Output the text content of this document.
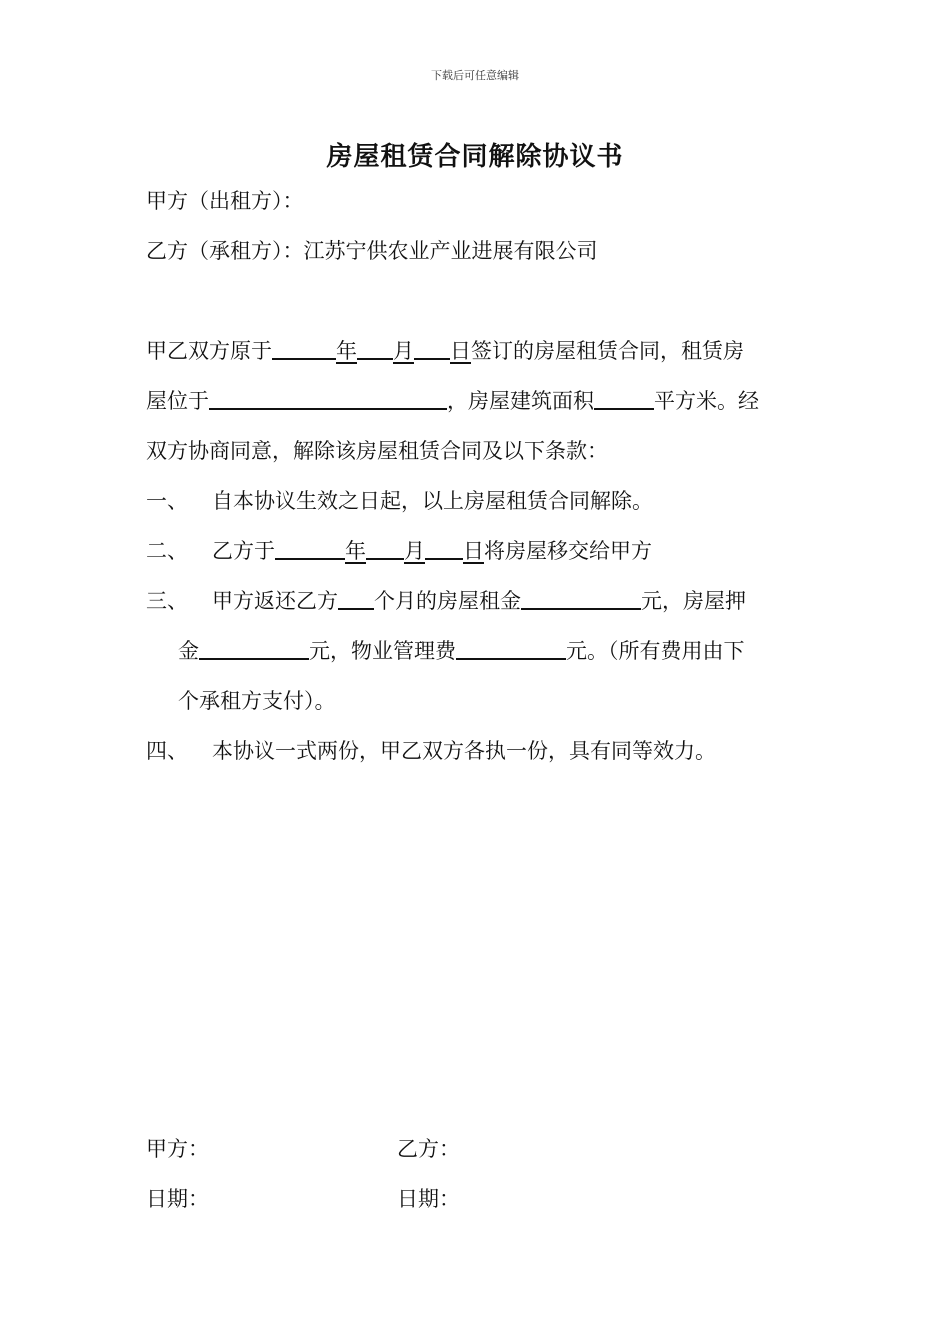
下载后可任意编辑
房屋租赁合同解除协议书
甲方（出租方）：
乙方（承租方）：江苏宁供农业产业进展有限公司
甲乙双方原于	年 月 日签订的房屋租赁合同，租赁房
屋位于	，房屋建筑面积	平方米。经
双方协商同意，解除该房屋租赁合同及以下条款：
一、 自本协议生效之日起，以上房屋租赁合同解除。
二、 乙方于	年 月 日将房屋移交给甲方
三、 甲方返还乙方 个月的房屋租金	元，房屋押
金	元，物业管理费	元。（所有费用由下
个承租方支付）。
四、 本协议一式两份，甲乙双方各执一份，具有同等效力。
甲方：	乙方：
日期：	日期：
